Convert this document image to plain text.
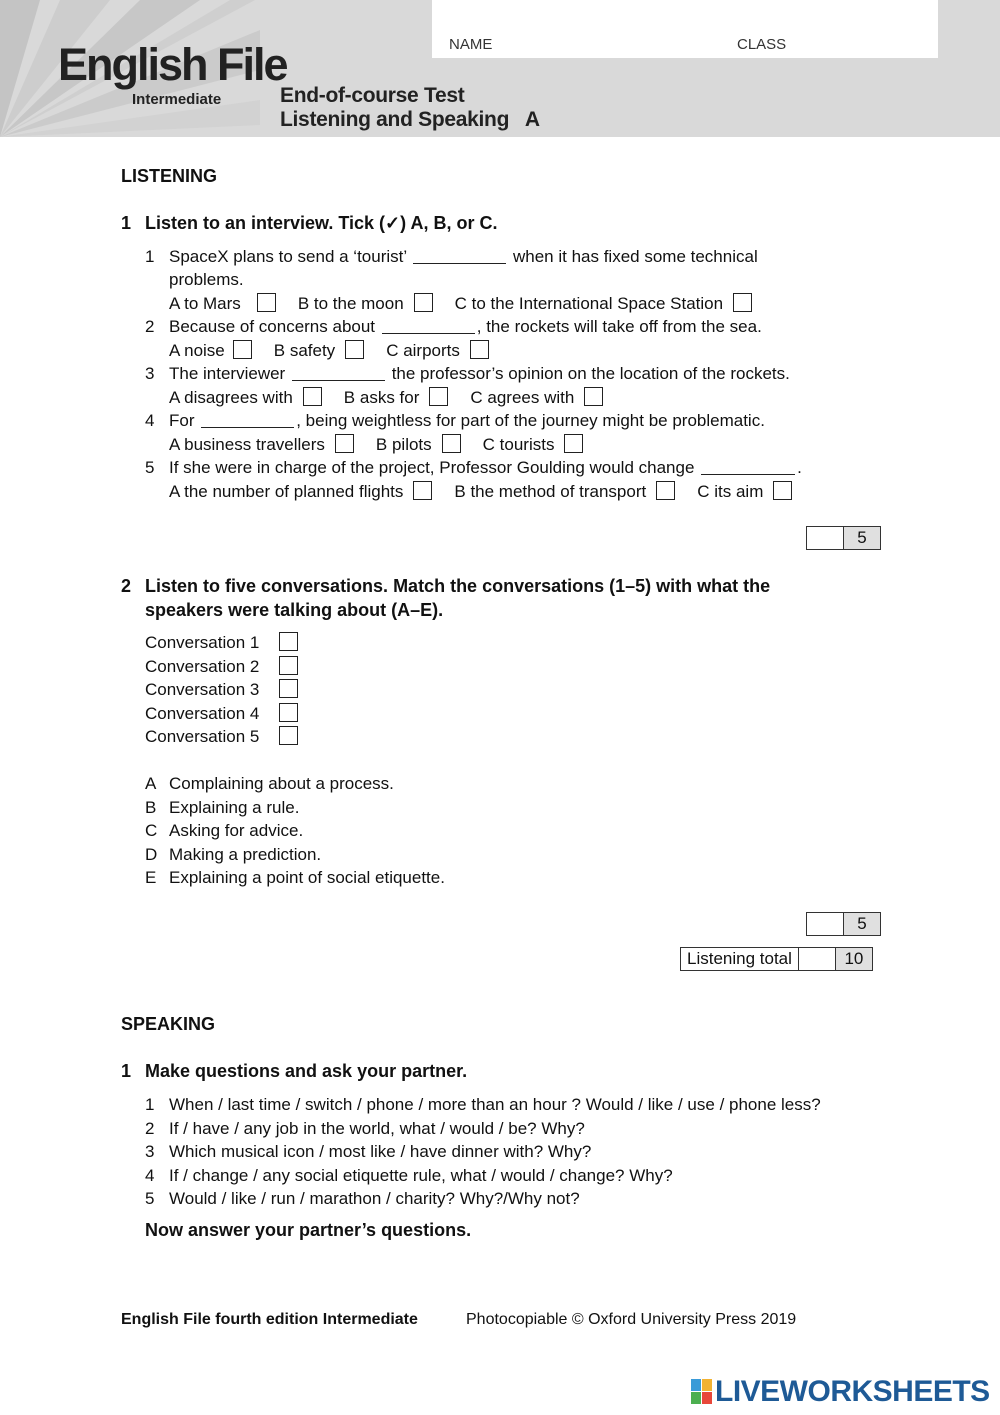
English File
Intermediate
NAME	CLASS
End-of-course Test
Listening and Speaking   A
LISTENING
1 Listen to an interview. Tick (✓) A, B, or C.
1 SpaceX plans to send a ‘tourist’	when it has fixed some technical
problems.
A to Mars	B to the moon	C to the International Space Station
2 Because of concerns about	, the rockets will take off from the sea.
A noise	B safety	C airports
3 The interviewer	the professor’s opinion on the location of the rockets.
A disagrees with	B asks for	C agrees with
4 For	, being weightless for part of the journey might be problematic.
A business travellers	B pilots	C tourists
5 If she were in charge of the project, Professor Goulding would change	.
A the number of planned flights	B the method of transport	C its aim
5
2 Listen to five conversations. Match the conversations (1–5) with what the
speakers were talking about (A–E).
Conversation 1
Conversation 2
Conversation 3
Conversation 4
Conversation 5
A Complaining about a process.
B Explaining a rule.
C Asking for advice.
D Making a prediction.
E Explaining a point of social etiquette.
5
Listening total	10
SPEAKING
1 Make questions and ask your partner.
1 When / last time / switch / phone / more than an hour ? Would / like / use / phone less?
2 If / have / any job in the world, what / would / be? Why?
3 Which musical icon / most like / have dinner with? Why?
4 If / change / any social etiquette rule, what / would / change? Why?
5 Would / like / run / marathon / charity? Why?/Why not?
Now answer your partner’s questions.
English File fourth edition Intermediate	Photocopiable © Oxford University Press 2019
LIVEWORKSHEETS
